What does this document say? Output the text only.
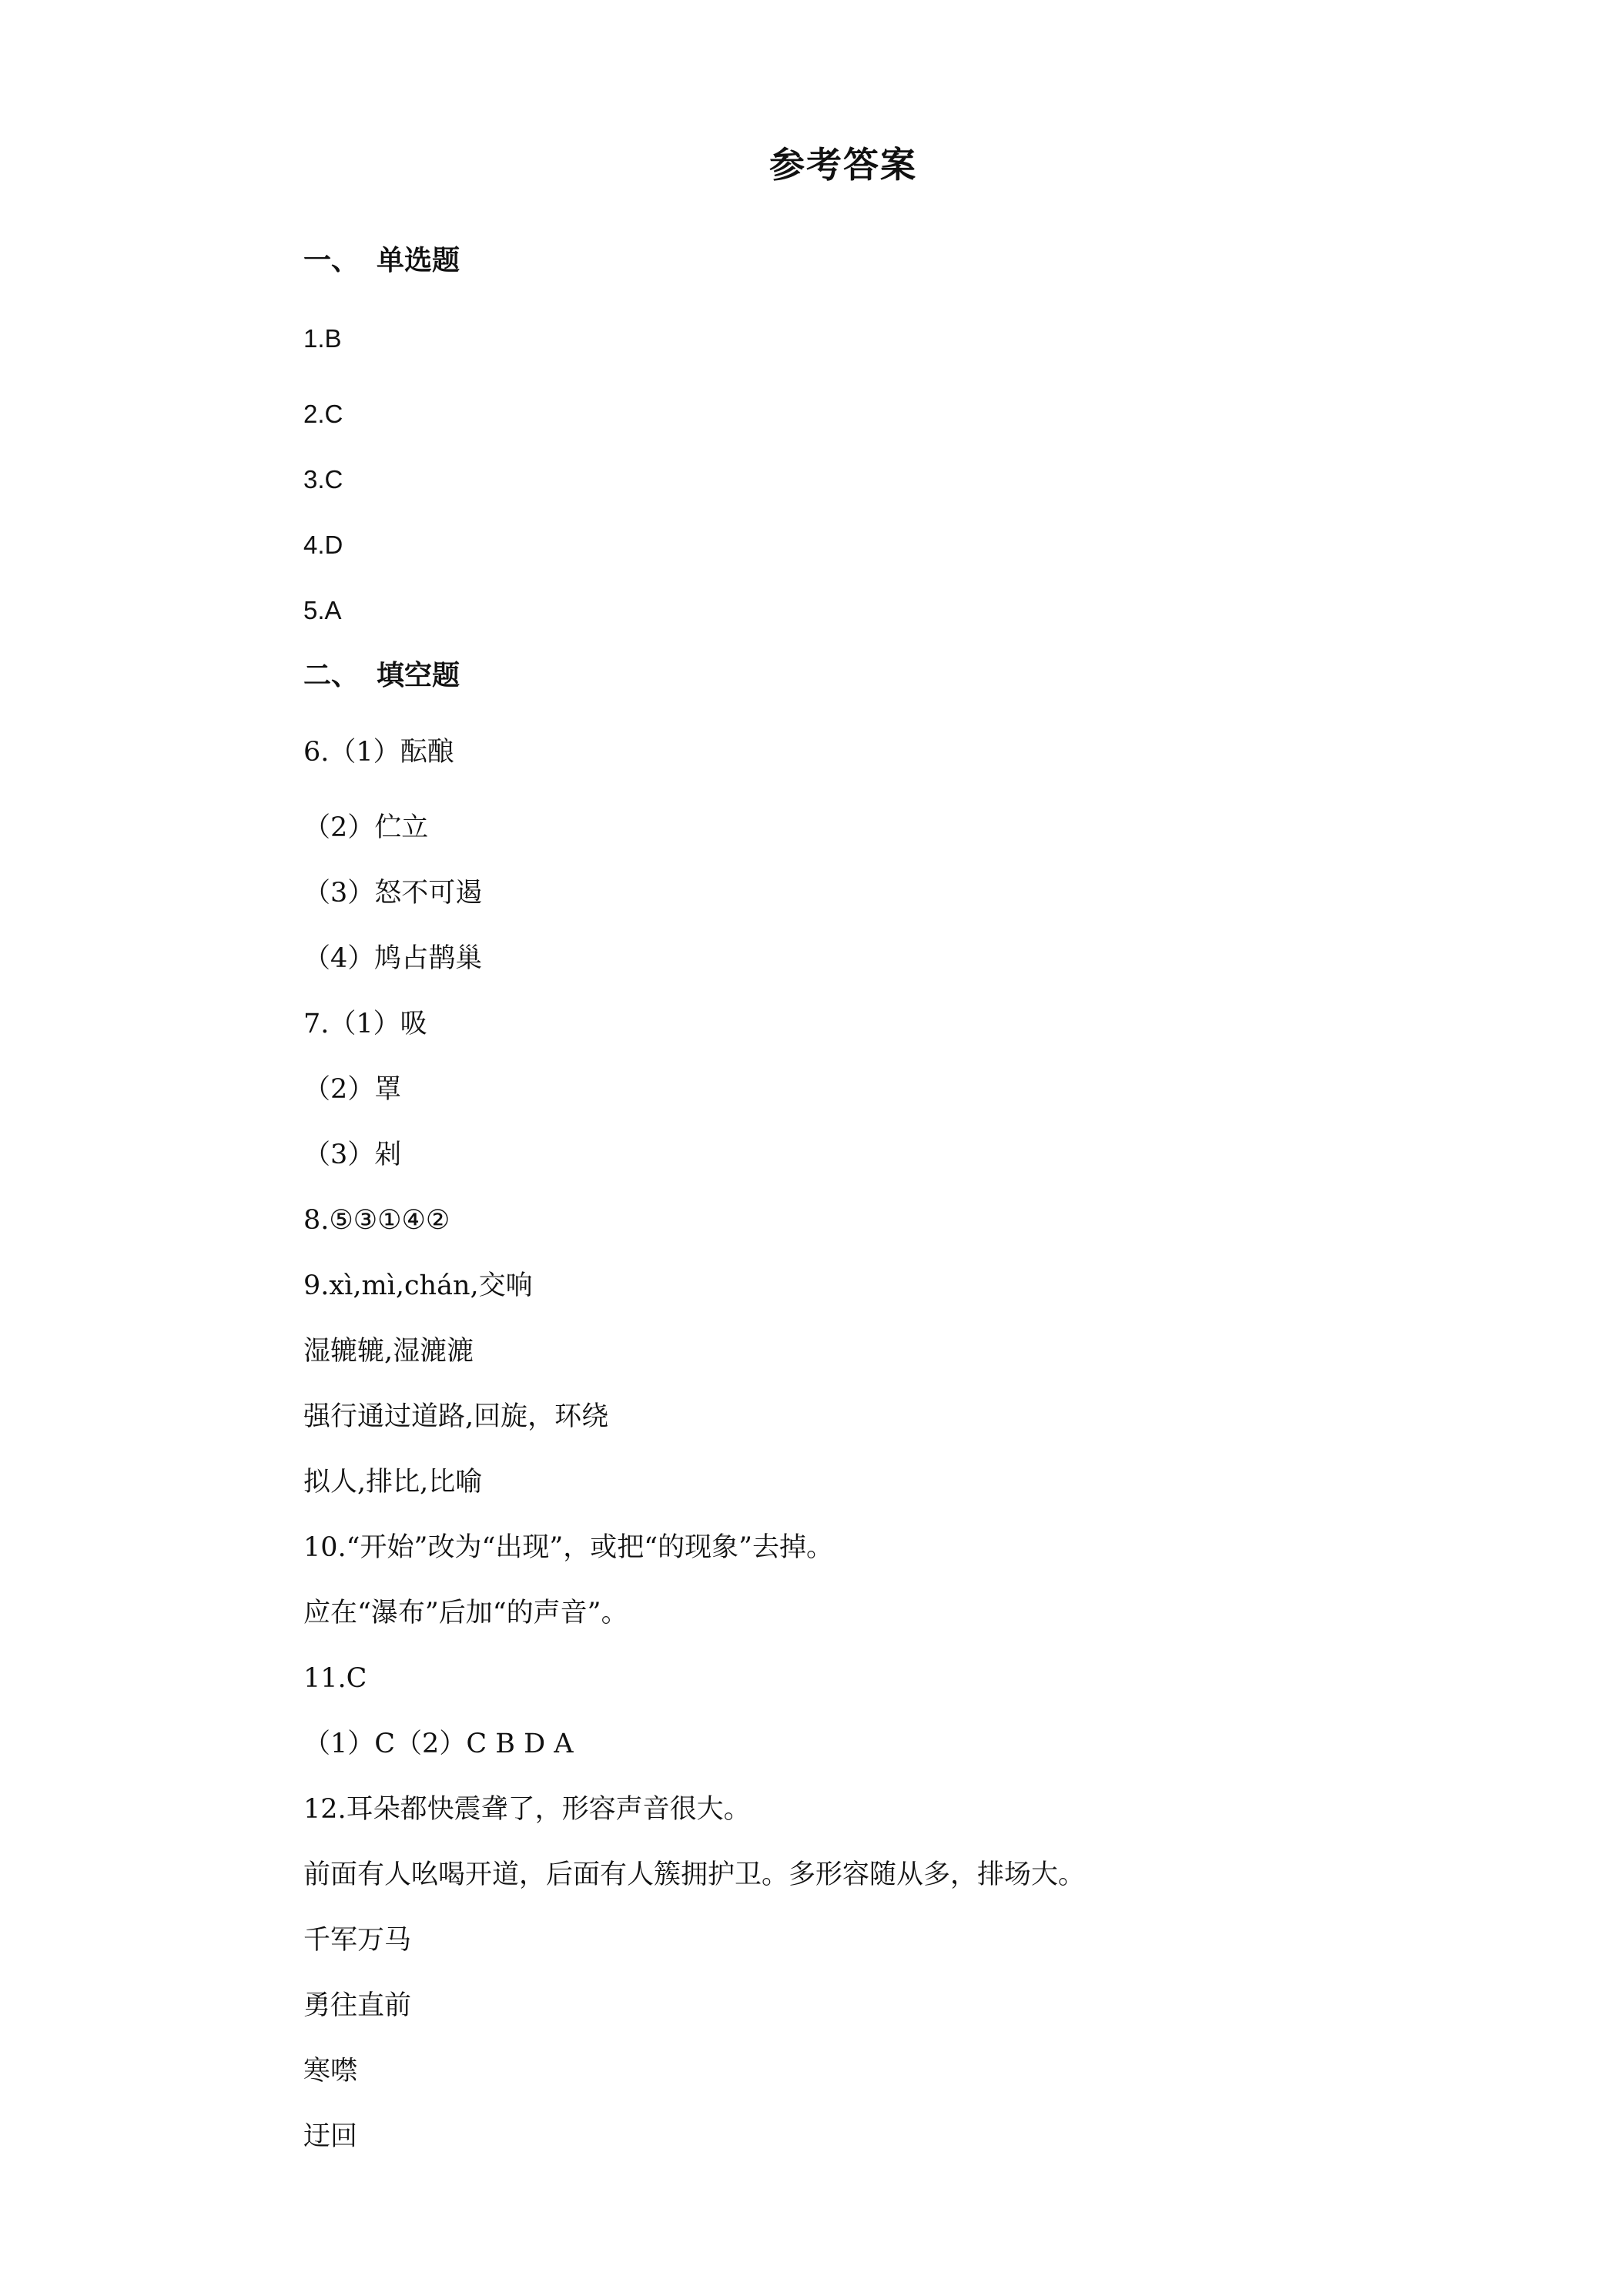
参考答案
一、 单选题
1.B
2.C
3.C
4.D
5.A
二、 填空题
6.（1）酝酿
（2）伫立
（3）怒不可遏
（4）鸠占鹊巢
7.（1）吸
（2）罩
（3）剁
8.⑤③①④②
9.xì,mì,chán,交响
湿辘辘,湿漉漉
强行通过道路,回旋，环绕
拟人,排比,比喻
10.“开始”改为“出现”，或把“的现象”去掉。
应在“瀑布”后加“的声音”。
11.C
（1）C（2）C B D A
12.耳朵都快震聋了，形容声音很大。
前面有人吆喝开道，后面有人簇拥护卫。多形容随从多，排场大。
千军万马
勇往直前
寒噤
迂回
